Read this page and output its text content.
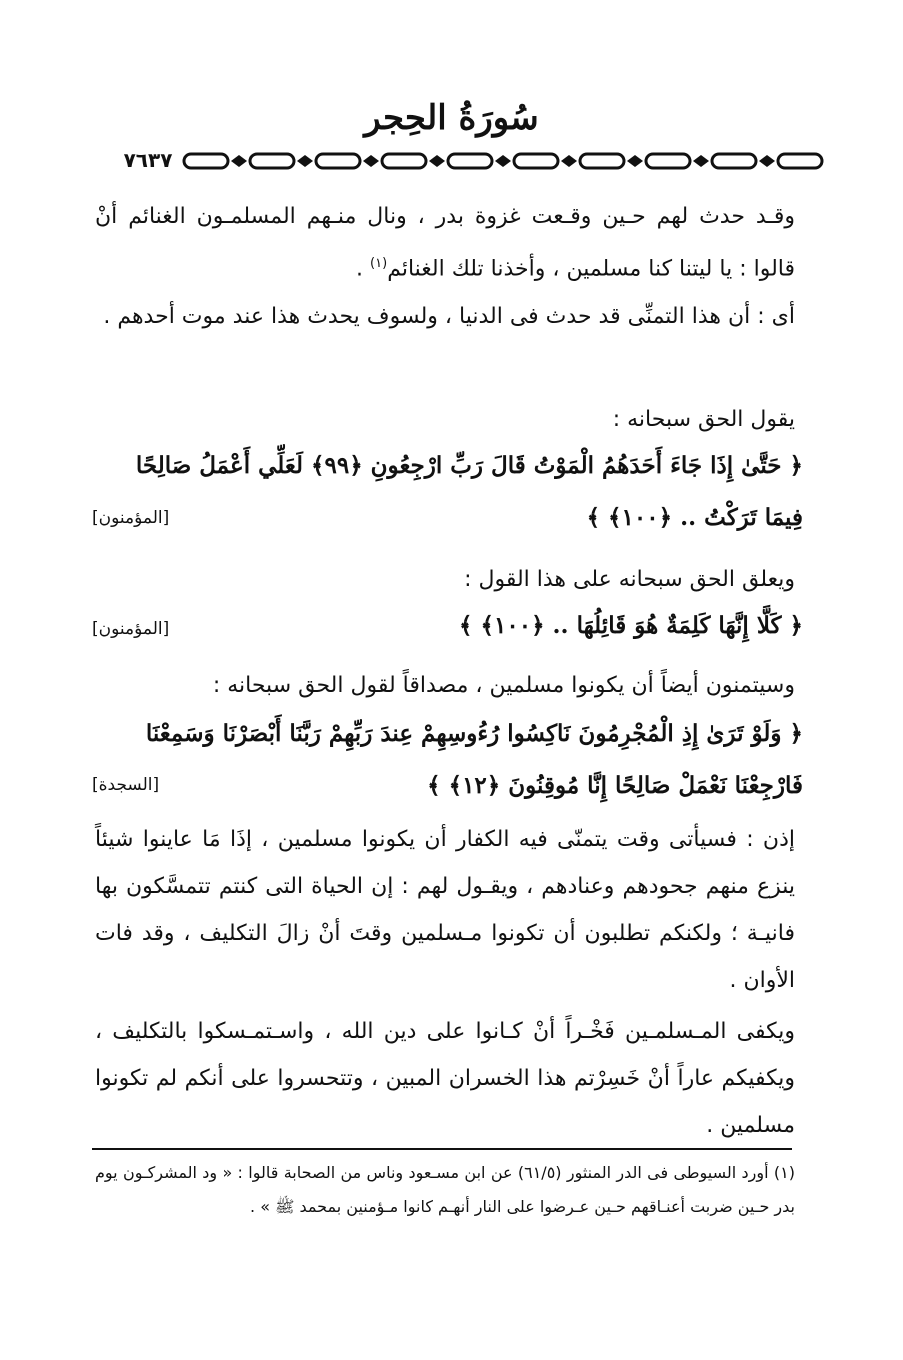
سُورَةُ الحِجر
٧٦٣٧
وقـد حدث لهم حـين وقـعت غزوة بدر ، ونال منـهم المسلمـون الغنائم أنْ قالوا : يا ليتنا كنا مسلمين ، وأخذنا تلك الغنائم$^{(١)}$ .
أى : أن هذا التمنِّى قد حدث فى الدنيا ، ولسوف يحدث هذا عند موت أحدهم .
يقول الحق سبحانه :
﴿ حَتَّىٰ إِذَا جَاءَ أَحَدَهُمُ الْمَوْتُ قَالَ رَبِّ ارْجِعُونِ ﴿٩٩﴾ لَعَلِّي أَعْمَلُ صَالِحًا فِيمَا تَرَكْتُ .. ﴿١٠٠﴾ ﴾
[المؤمنون]
ويعلق الحق سبحانه على هذا القول :
﴿ كَلَّا إِنَّهَا كَلِمَةٌ هُوَ قَائِلُهَا .. ﴿١٠٠﴾ ﴾
[المؤمنون]
وسيتمنون أيضاً أن يكونوا مسلمين ، مصداقاً لقول الحق سبحانه :
﴿ وَلَوْ تَرَىٰ إِذِ الْمُجْرِمُونَ نَاكِسُوا رُءُوسِهِمْ عِندَ رَبِّهِمْ رَبَّنَا أَبْصَرْنَا وَسَمِعْنَا فَارْجِعْنَا نَعْمَلْ صَالِحًا إِنَّا مُوقِنُونَ ﴿١٢﴾ ﴾
[السجدة]
إذن : فسيأتى وقت يتمنّى فيه الكفار أن يكونوا مسلمين ، إذَا مَا عاينوا شيئاً ينزع منهم جحودهم وعنادهم ، ويقـول لهم : إن الحياة التى كنتم تتمسَّكون بها فانيـة ؛ ولكنكم تطلبون أن تكونوا مـسلمين وقتَ أنْ زالَ التكليف ، وقد فات الأوان .
ويكفى المـسلمـين فَخْـراً أنْ كـانوا على دين الله ، واسـتمـسكوا بالتكليف ، ويكفيكم عاراً أنْ خَسِرْتم هذا الخسران المبين ، وتتحسروا على أنكم لم تكونوا مسلمين .
(١) أورد السيوطى فى الدر المنثور (٦١/٥) عن ابن مسـعود وناس من الصحابة قالوا : « ود المشركـون يوم بدر حـين ضربت أعنـاقهم حـين عـرضوا على النار أنهـم كانوا مـؤمنين بمحمد ﷺ » .
